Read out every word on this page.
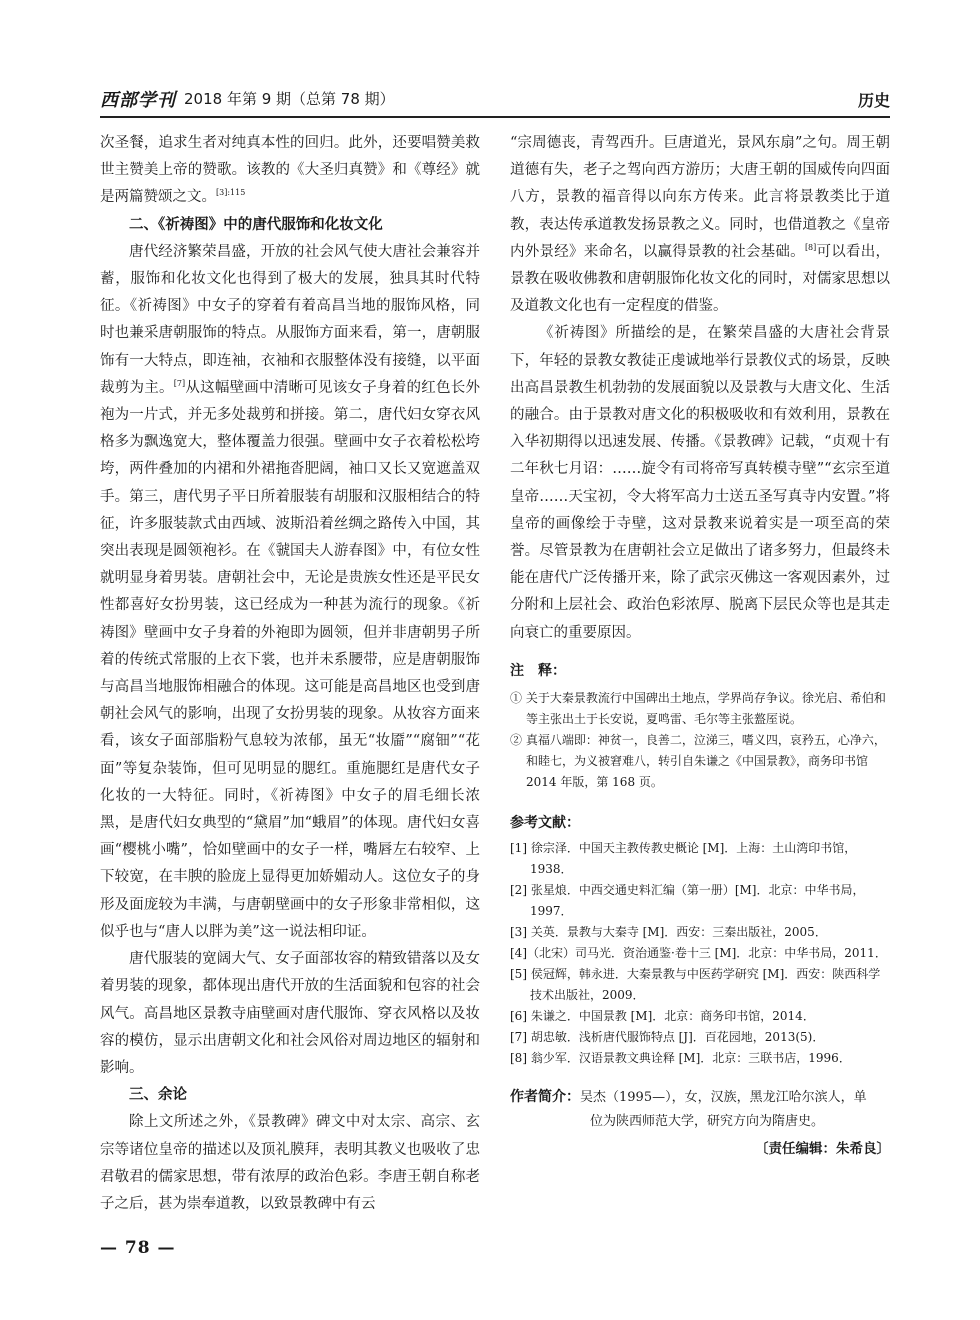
西部学刊 2018 年第 9 期（总第 78 期）	历史

次圣餐，追求生者对纯真本性的回归。此外，还要唱赞美救世主赞美上帝的赞歌。该教的《大圣归真赞》和《尊经》就是两篇赞颂之文。$^{[3]:115}$

二、《祈祷图》中的唐代服饰和化妆文化

唐代经济繁荣昌盛，开放的社会风气使大唐社会兼容并蓄，服饰和化妆文化也得到了极大的发展，独具其时代特征。《祈祷图》中女子的穿着有着高昌当地的服饰风格，同时也兼采唐朝服饰的特点。从服饰方面来看，第一，唐朝服饰有一大特点，即连袖，衣袖和衣服整体没有接缝，以平面裁剪为主。[7]从这幅壁画中清晰可见该女子身着的红色长外袍为一片式，并无多处裁剪和拼接。第二，唐代妇女穿衣风格多为飘逸宽大，整体覆盖力很强。壁画中女子衣着松松垮垮，两件叠加的内裙和外裙拖沓肥阔，袖口又长又宽遮盖双手。第三，唐代男子平日所着服装有胡服和汉服相结合的特征，许多服装款式由西域、波斯沿着丝绸之路传入中国，其突出表现是圆领袍衫。在《虢国夫人游春图》中，有位女性就明显身着男装。唐朝社会中，无论是贵族女性还是平民女性都喜好女扮男装，这已经成为一种甚为流行的现象。《祈祷图》壁画中女子身着的外袍即为圆领，但并非唐朝男子所着的传统式常服的上衣下裳，也并未系腰带，应是唐朝服饰与高昌当地服饰相融合的体现。这可能是高昌地区也受到唐朝社会风气的影响，出现了女扮男装的现象。从妆容方面来看，该女子面部脂粉气息较为浓郁，虽无“妆靥”“腐钿”“花面”等复杂装饰，但可见明显的腮红。重施腮红是唐代女子化妆的一大特征。同时，《祈祷图》中女子的眉毛细长浓黑，是唐代妇女典型的“黛眉”加“蛾眉”的体现。唐代妇女喜画“樱桃小嘴”，恰如壁画中的女子一样，嘴唇左右较窄、上下较宽，在丰腴的脸庞上显得更加娇媚动人。这位女子的身形及面庞较为丰满，与唐朝壁画中的女子形象非常相似，这似乎也与“唐人以胖为美”这一说法相印证。

唐代服装的宽阔大气、女子面部妆容的精致错落以及女着男装的现象，都体现出唐代开放的生活面貌和包容的社会风气。高昌地区景教寺庙壁画对唐代服饰、穿衣风格以及妆容的模仿，显示出唐朝文化和社会风俗对周边地区的辐射和影响。

三、余论

除上文所述之外，《景教碑》碑文中对太宗、高宗、玄宗等诸位皇帝的描述以及顶礼膜拜，表明其教义也吸收了忠君敬君的儒家思想，带有浓厚的政治色彩。李唐王朝自称老子之后，甚为崇奉道教，以致景教碑中有云

“宗周德丧，青驾西升。巨唐道光，景风东扇”之句。周王朝道德有失，老子之驾向西方游历；大唐王朝的国威传向四面八方，景教的福音得以向东方传来。此言将景教类比于道教，表达传承道教发扬景教之义。同时，也借道教之《皇帝内外景经》来命名，以赢得景教的社会基础。[8]可以看出，景教在吸收佛教和唐朝服饰化妆文化的同时，对儒家思想以及道教文化也有一定程度的借鉴。

《祈祷图》所描绘的是，在繁荣昌盛的大唐社会背景下，年轻的景教女教徒正虔诚地举行景教仪式的场景，反映出高昌景教生机勃勃的发展面貌以及景教与大唐文化、生活的融合。由于景教对唐文化的积极吸收和有效利用，景教在入华初期得以迅速发展、传播。《景教碑》记载，“贞观十有二年秋七月诏：……旋令有司将帝写真转模寺壁”“玄宗至道皇帝……天宝初，令大将军高力士送五圣写真寺内安置。”将皇帝的画像绘于寺壁，这对景教来说着实是一项至高的荣誉。尽管景教为在唐朝社会立足做出了诸多努力，但最终未能在唐代广泛传播开来，除了武宗灭佛这一客观因素外，过分附和上层社会、政治色彩浓厚、脱离下层民众等也是其走向衰亡的重要原因。

注　释：
① 关于大秦景教流行中国碑出土地点，学界尚存争议。徐光启、希伯和等主张出土于长安说，夏鸣雷、毛尔等主张盩厔说。
② 真福八端即：神贫一，良善二，泣涕三，嗜义四，哀矜五，心净六，和睦七，为义被窘难八，转引自朱谦之《中国景教》，商务印书馆 2014 年版，第 168 页。
参考文献：
[1] 徐宗泽．中国天主教传教史概论 [M]．上海：土山湾印书馆，1938．
[2] 张星烺．中西交通史料汇编（第一册）[M]．北京：中华书局，1997．
[3] 关英．景教与大秦寺 [M]．西安：三秦出版社，2005．
[4]（北宋）司马光．资治通鉴·卷十三 [M]．北京：中华书局，2011．
[5] 侯冠辉，韩永进．大秦景教与中医药学研究 [M]．西安：陕西科学技术出版社，2009．
[6] 朱谦之．中国景教 [M]．北京：商务印书馆，2014．
[7] 胡忠敏．浅析唐代服饰特点 [J]．百花园地，2013(5)．
[8] 翁少军．汉语景教文典诠释 [M]．北京：三联书店，1996．
作者简介：吴杰（1995—），女，汉族，黑龙江哈尔滨人，单
位为陕西师范大学，研究方向为隋唐史。
〔责任编辑：朱希良〕
— 78 —
